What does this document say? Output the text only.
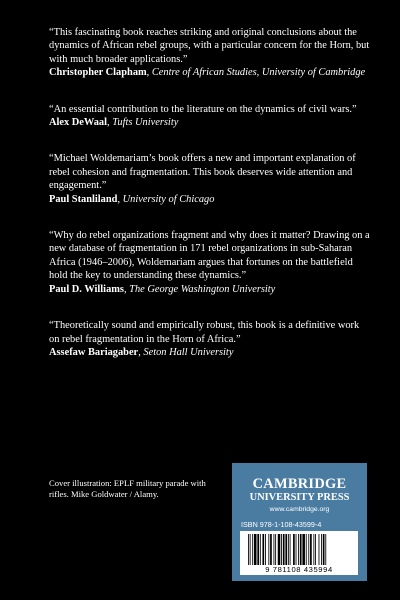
“This fascinating book reaches striking and original conclusions about the dynamics of African rebel groups, with a particular concern for the Horn, but with much broader applications.”

Christopher Clapham, Centre of African Studies, University of Cambridge

“An essential contribution to the literature on the dynamics of civil wars.”

Alex DeWaal, Tufts University

“Michael Woldemariam’s book offers a new and important explanation of rebel cohesion and fragmentation. This book deserves wide attention and engagement.”

Paul Stanliland, University of Chicago

“Why do rebel organizations fragment and why does it matter? Drawing on a new database of fragmentation in 171 rebel organizations in sub-Saharan Africa (1946–2006), Woldemariam argues that fortunes on the battlefield hold the key to understanding these dynamics.”

Paul D. Williams, The George Washington University

“Theoretically sound and empirically robust, this book is a definitive work on rebel fragmentation in the Horn of Africa.”

Assefaw Bariagaber, Seton Hall University

Cover illustration: EPLF military parade with rifles. Mike Goldwater / Alamy.

CAMBRIDGE

UNIVERSITY PRESS

www.cambridge.org

ISBN 978-1-108-43599-4

9 781108 435994
